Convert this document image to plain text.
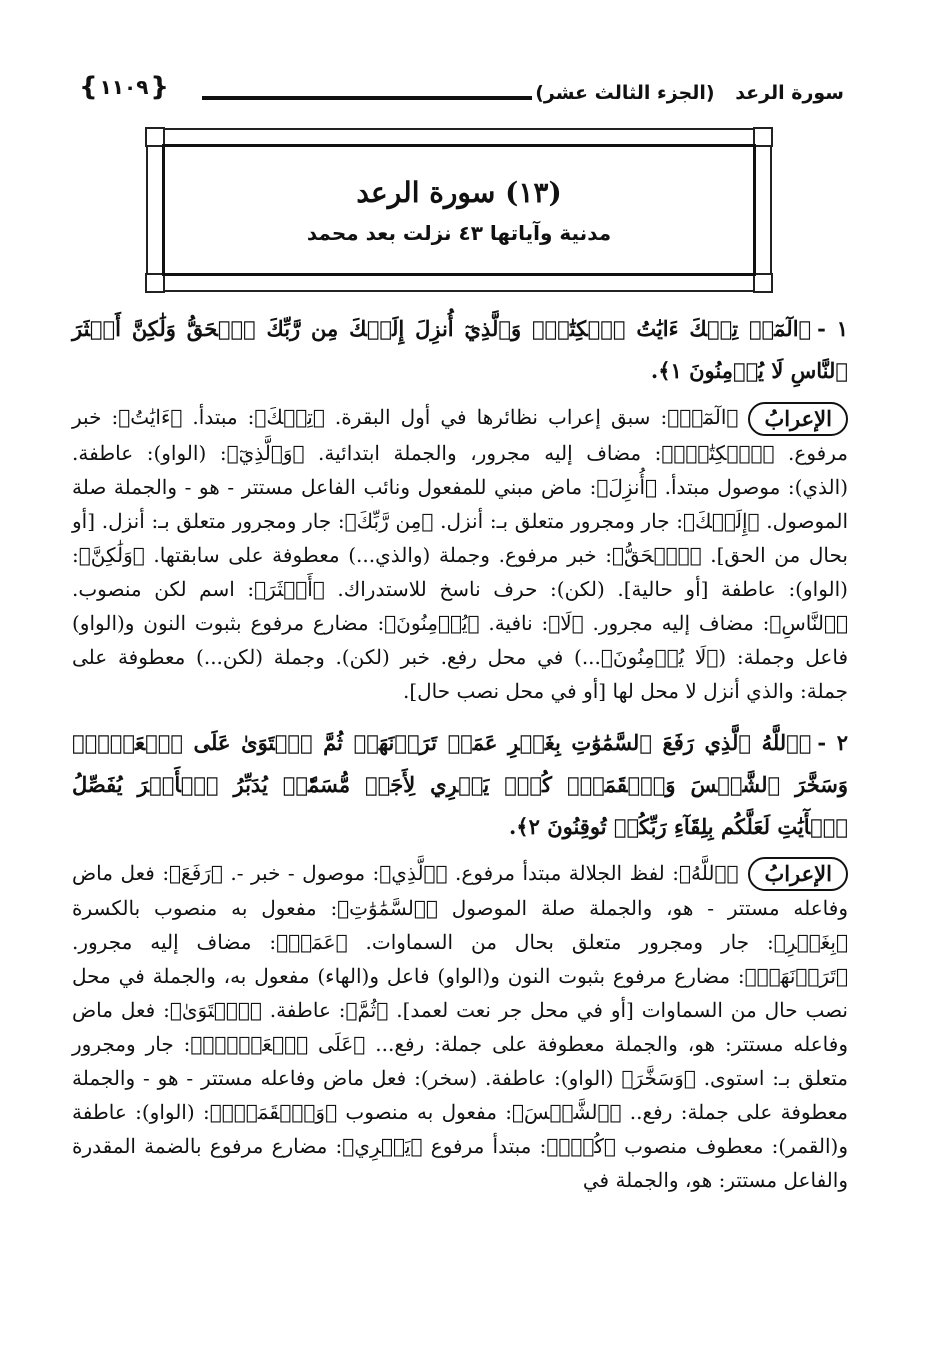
سورة الرعد (الجزء الثالث عشر)
{ ١١٠٩ }
(١٣) سورة الرعد
مدنية وآياتها ٤٣ نزلت بعد محمد

١ -﴿الٓمٓرۚ تِلۡكَ ءَايَٰتُ ٱلۡكِتَٰبِۗ وَٱلَّذِيٓ أُنزِلَ إِلَيۡكَ مِن رَّبِّكَ ٱلۡحَقُّ وَلَٰكِنَّ أَكۡثَرَ ٱلنَّاسِ لَا يُؤۡمِنُونَ ١﴾.

الإعرابُ﴿الٓمٓرۚ﴾: سبق إعراب نظائرها في أول البقرة. ﴿تِلۡكَ﴾: مبتدأ. ﴿ءَايَٰتُ﴾: خبر مرفوع. ﴿ٱلۡكِتَٰبِۗ﴾: مضاف إليه مجرور، والجملة ابتدائية. ﴿وَٱلَّذِيٓ﴾: (الواو): عاطفة. (الذي): موصول مبتدأ. ﴿أُنزِلَ﴾: ماض مبني للمفعول ونائب الفاعل مستتر - هو - والجملة صلة الموصول. ﴿إِلَيۡكَ﴾: جار ومجرور متعلق بـ: أنزل. ﴿مِن رَّبِّكَ﴾: جار ومجرور متعلق بـ: أنزل. [أو بحال من الحق]. ﴿ٱلۡحَقُّ﴾: خبر مرفوع. وجملة (والذي...) معطوفة على سابقتها. ﴿وَلَٰكِنَّ﴾: (الواو): عاطفة [أو حالية]. (لكن): حرف ناسخ للاستدراك. ﴿أَكۡثَرَ﴾: اسم لكن منصوب. ﴿ٱلنَّاسِ﴾: مضاف إليه مجرور. ﴿لَا﴾: نافية. ﴿يُؤۡمِنُونَ﴾: مضارع مرفوع بثبوت النون و(الواو) فاعل وجملة: (﴿لَا يُؤۡمِنُونَ﴾...) في محل رفع. خبر (لكن). وجملة (لكن...) معطوفة على جملة: والذي أنزل لا محل لها [أو في محل نصب حال].

٢ -﴿ٱللَّهُ ٱلَّذِي رَفَعَ ٱلسَّمَٰوَٰتِ بِغَيۡرِ عَمَدٖ تَرَوۡنَهَاۖ ثُمَّ ٱسۡتَوَىٰ عَلَى ٱلۡعَرۡشِۖ وَسَخَّرَ ٱلشَّمۡسَ وَٱلۡقَمَرَۖ كُلّٞ يَجۡرِي لِأَجَلٖ مُّسَمّٗىۚ يُدَبِّرُ ٱلۡأَمۡرَ يُفَصِّلُ ٱلۡأٓيَٰتِ لَعَلَّكُم بِلِقَآءِ رَبِّكُمۡ تُوقِنُونَ ٢﴾.

الإعرابُ﴿ٱللَّهُ﴾: لفظ الجلالة مبتدأ مرفوع. ﴿ٱلَّذِي﴾: موصول - خبر -. ﴿رَفَعَ﴾: فعل ماض وفاعله مستتر - هو، والجملة صلة الموصول ﴿ٱلسَّمَٰوَٰتِ﴾: مفعول به منصوب بالكسرة ﴿بِغَيۡرِ﴾: جار ومجرور متعلق بحال من السماوات. ﴿عَمَدٖ﴾: مضاف إليه مجرور. ﴿تَرَوۡنَهَاۖ﴾: مضارع مرفوع بثبوت النون و(الواو) فاعل و(الهاء) مفعول به، والجملة في محل نصب حال من السماوات [أو في محل جر نعت لعمد]. ﴿ثُمَّ﴾: عاطفة. ﴿ٱسۡتَوَىٰ﴾: فعل ماض وفاعله مستتر: هو، والجملة معطوفة على جملة: رفع... ﴿عَلَى ٱلۡعَرۡشِۖ﴾: جار ومجرور متعلق بـ: استوى. ﴿وَسَخَّرَ﴾ (الواو): عاطفة. (سخر): فعل ماض وفاعله مستتر - هو - والجملة معطوفة على جملة: رفع.. ﴿ٱلشَّمۡسَ﴾: مفعول به منصوب ﴿وَٱلۡقَمَرَۖ﴾: (الواو): عاطفة و(القمر): معطوف منصوب ﴿كُلّٞ﴾: مبتدأ مرفوع ﴿يَجۡرِي﴾: مضارع مرفوع بالضمة المقدرة والفاعل مستتر: هو، والجملة في
